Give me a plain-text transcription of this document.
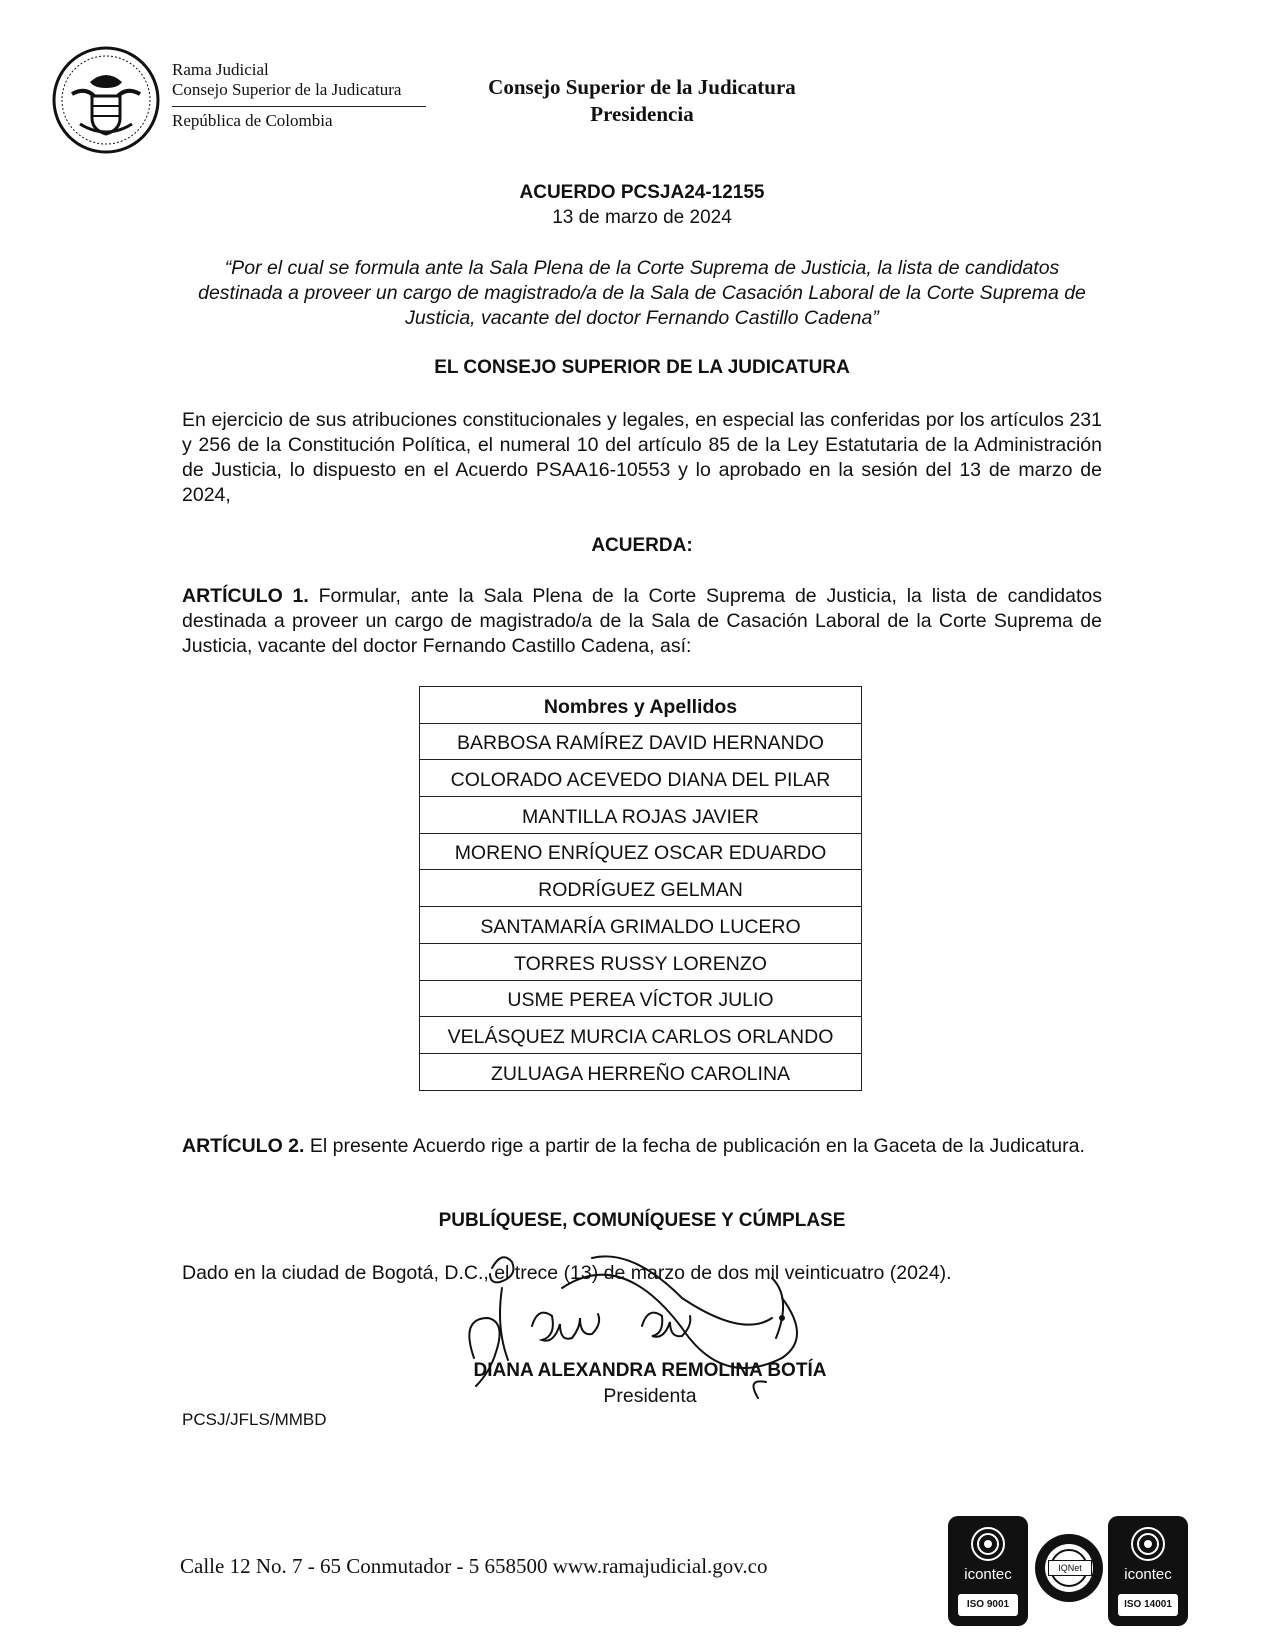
Rama Judicial
Consejo Superior de la Judicatura
República de Colombia
Consejo Superior de la Judicatura
Presidencia
ACUERDO PCSJA24-12155
13 de marzo de 2024
“Por el cual se formula ante la Sala Plena de la Corte Suprema de Justicia, la lista de candidatos destinada a proveer un cargo de magistrado/a de la Sala de Casación Laboral de la Corte Suprema de Justicia, vacante del doctor Fernando Castillo Cadena”
EL CONSEJO SUPERIOR DE LA JUDICATURA
En ejercicio de sus atribuciones constitucionales y legales, en especial las conferidas por los artículos 231 y 256 de la Constitución Política, el numeral 10 del artículo 85 de la Ley Estatutaria de la Administración de Justicia, lo dispuesto en el Acuerdo PSAA16-10553 y lo aprobado en la sesión del 13 de marzo de 2024,
ACUERDA:
ARTÍCULO 1. Formular, ante la Sala Plena de la Corte Suprema de Justicia, la lista de candidatos destinada a proveer un cargo de magistrado/a de la Sala de Casación Laboral de la Corte Suprema de Justicia, vacante del doctor Fernando Castillo Cadena, así:
Nombres y Apellidos
BARBOSA RAMÍREZ DAVID HERNANDO
COLORADO ACEVEDO DIANA DEL PILAR
MANTILLA ROJAS JAVIER
MORENO ENRÍQUEZ OSCAR EDUARDO
RODRÍGUEZ GELMAN
SANTAMARÍA GRIMALDO LUCERO
TORRES RUSSY LORENZO
USME PEREA VÍCTOR JULIO
VELÁSQUEZ MURCIA CARLOS ORLANDO
ZULUAGA HERREÑO CAROLINA
ARTÍCULO 2. El presente Acuerdo rige a partir de la fecha de publicación en la Gaceta de la Judicatura.
PUBLÍQUESE, COMUNÍQUESE Y CÚMPLASE
Dado en la ciudad de Bogotá, D.C., el trece (13) de marzo de dos mil veinticuatro (2024).
DIANA ALEXANDRA REMOLINA BOTÍA
Presidenta
PCSJ/JFLS/MMBD
Calle 12 No. 7 - 65 Conmutador - 5 658500 www.ramajudicial.gov.co	icontec
ISO 9001
IQNet	icontec
ISO 14001
